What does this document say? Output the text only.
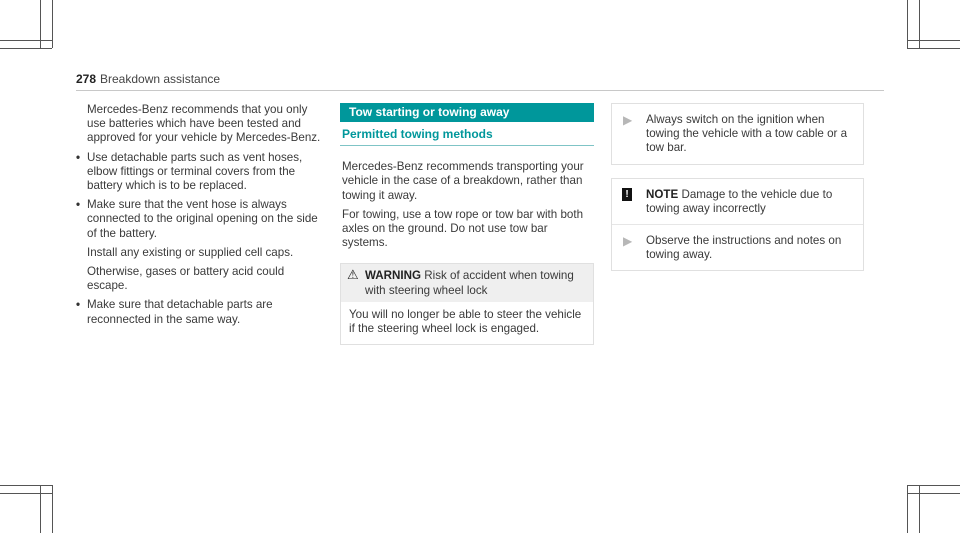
278 Breakdown assistance

Mercedes-Benz recommends that you only use batteries which have been tested and approved for your vehicle by Mercedes-Benz.

• Use detachable parts such as vent hoses, elbow fittings or terminal covers from the battery which is to be replaced.
• Make sure that the vent hose is always connected to the original opening on the side of the battery.
Install any existing or supplied cell caps.
Otherwise, gases or battery acid could escape.
• Make sure that detachable parts are reconnected in the same way.
Tow starting or towing away
Permitted towing methods

Mercedes-Benz recommends transporting your vehicle in the case of a breakdown, rather than towing it away.

For towing, use a tow rope or tow bar with both axles on the ground. Do not use tow bar systems.

⚠ WARNING Risk of accident when towing with steering wheel lock
You will no longer be able to steer the vehicle if the steering wheel lock is engaged.
▶ Always switch on the ignition when towing the vehicle with a tow cable or a tow bar.
! NOTE Damage to the vehicle due to towing away incorrectly
▶ Observe the instructions and notes on towing away.
